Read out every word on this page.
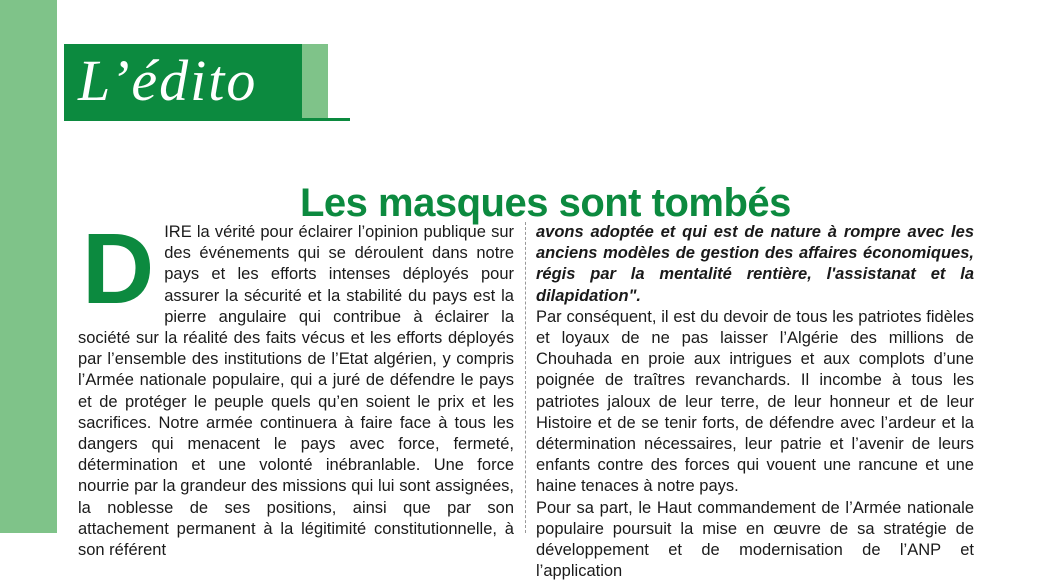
L’édito
Les masques sont tombés
D IRE la vérité pour éclairer l’opinion publique sur des événements qui se déroulent dans notre pays et les efforts intenses déployés pour assurer la sécurité et la stabilité du pays est la pierre angulaire qui contribue à éclairer la société sur la réalité des faits vécus et les efforts déployés par l’ensemble des institutions de l’Etat algérien, y compris l’Armée nationale populaire, qui a juré de défendre le pays et de protéger le peuple quels qu’en soient le prix et les sacrifices. Notre armée continuera à faire face à tous les dangers qui menacent le pays avec force, fermeté, détermination et une volonté inébranlable. Une force nourrie par la grandeur des missions qui lui sont assignées, la noblesse de ses positions, ainsi que par son attachement permanent à la légitimité constitutionnelle, à son référent

avons adoptée et qui est de nature à rompre avec les anciens modèles de gestion des affaires économiques, régis par la mentalité rentière, l'assistanat et la dilapidation".

Par conséquent, il est du devoir de tous les patriotes fidèles et loyaux de ne pas laisser l’Algérie des millions de Chouhada en proie aux intrigues et aux complots d’une poignée de traîtres revanchards. Il incombe à tous les patriotes jaloux de leur terre, de leur honneur et de leur Histoire et de se tenir forts, de défendre avec l’ardeur et la détermination nécessaires, leur patrie et l’avenir de leurs enfants contre des forces qui vouent une rancune et une haine tenaces à notre pays.

Pour sa part, le Haut commandement de l’Armée nationale populaire poursuit la mise en œuvre de sa stratégie de développement et de modernisation de l’ANP et l’application
